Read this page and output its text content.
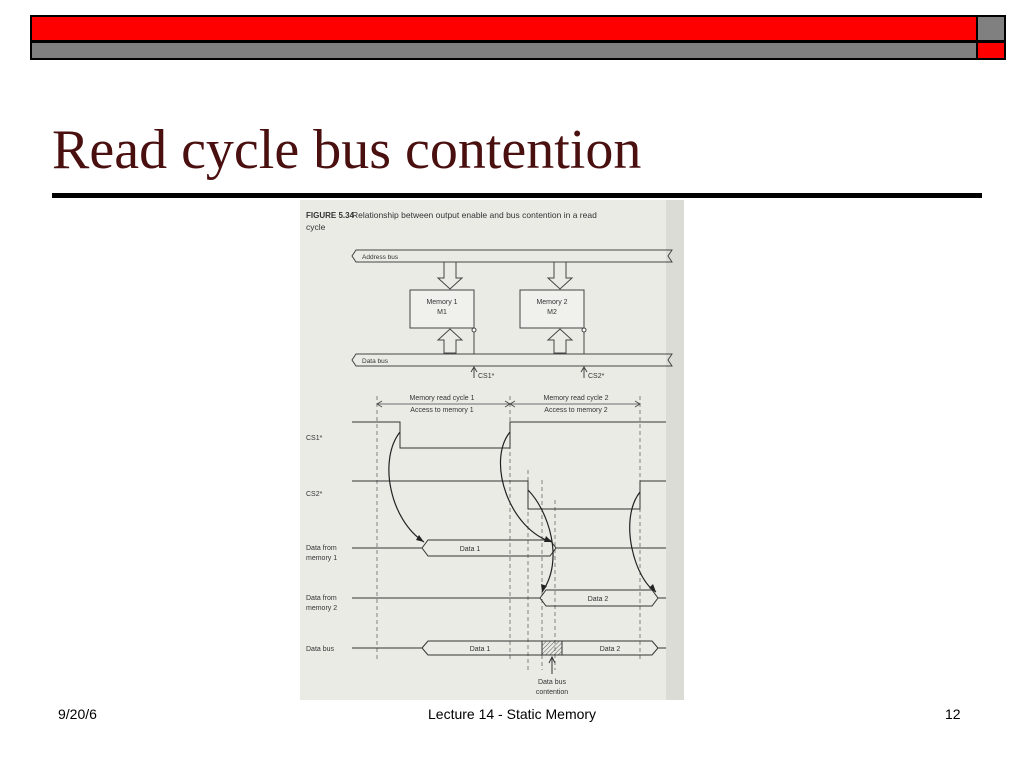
Read cycle bus contention
FIGURE 5.34
Relationship between output enable and bus contention in a read
cycle
Address bus
Memory 1
M1
Memory 2
M2
Data bus
CS1*	CS2*
Memory read cycle 1
Access to memory 1
Memory read cycle 2
Access to memory 2
CS1*
CS2*
Data from
memory 1
Data from
memory 2
Data bus
Data 1
Data 2
Data 1	Data 2
Data bus
contention
9/20/6	Lecture 14 - Static Memory	12
